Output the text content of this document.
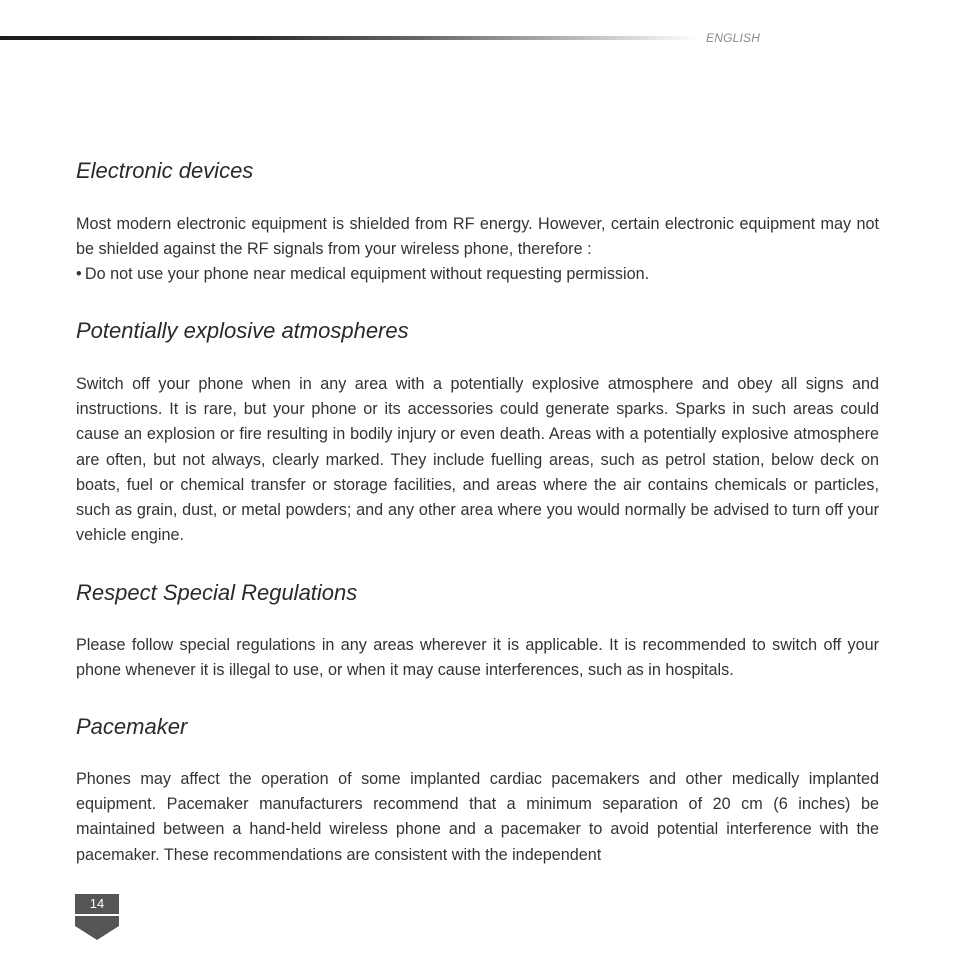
ENGLISH
Electronic devices
Most modern electronic equipment is shielded from RF energy. However, certain electronic equipment may not be shielded against the RF signals from your wireless phone, therefore :
• Do not use your phone near medical equipment without requesting permission.
Potentially explosive atmospheres

Switch off your phone when in any area with a potentially explosive atmosphere and obey all signs and instructions. It is rare, but your phone or its accessories could generate sparks. Sparks in such areas could cause an explosion or fire resulting in bodily injury or even death. Areas with a potentially explosive atmosphere are often, but not always, clearly marked. They include fuelling areas, such as petrol station, below deck on boats, fuel or chemical transfer or storage facilities, and areas where the air contains chemicals or particles, such as grain, dust, or metal powders; and any other area where you would normally be advised to turn off your vehicle engine.

Respect Special Regulations

Please follow special regulations in any areas wherever it is applicable. It is recommended to switch off your phone whenever it is illegal to use, or when it may cause interferences, such as in hospitals.

Pacemaker

Phones may affect the operation of some implanted cardiac pacemakers and other medically implanted equipment. Pacemaker manufacturers recommend that a minimum separation of 20 cm (6 inches) be maintained between a hand-held wireless phone and a pacemaker to avoid potential interference with the pacemaker. These recommendations are consistent with the independent

14
